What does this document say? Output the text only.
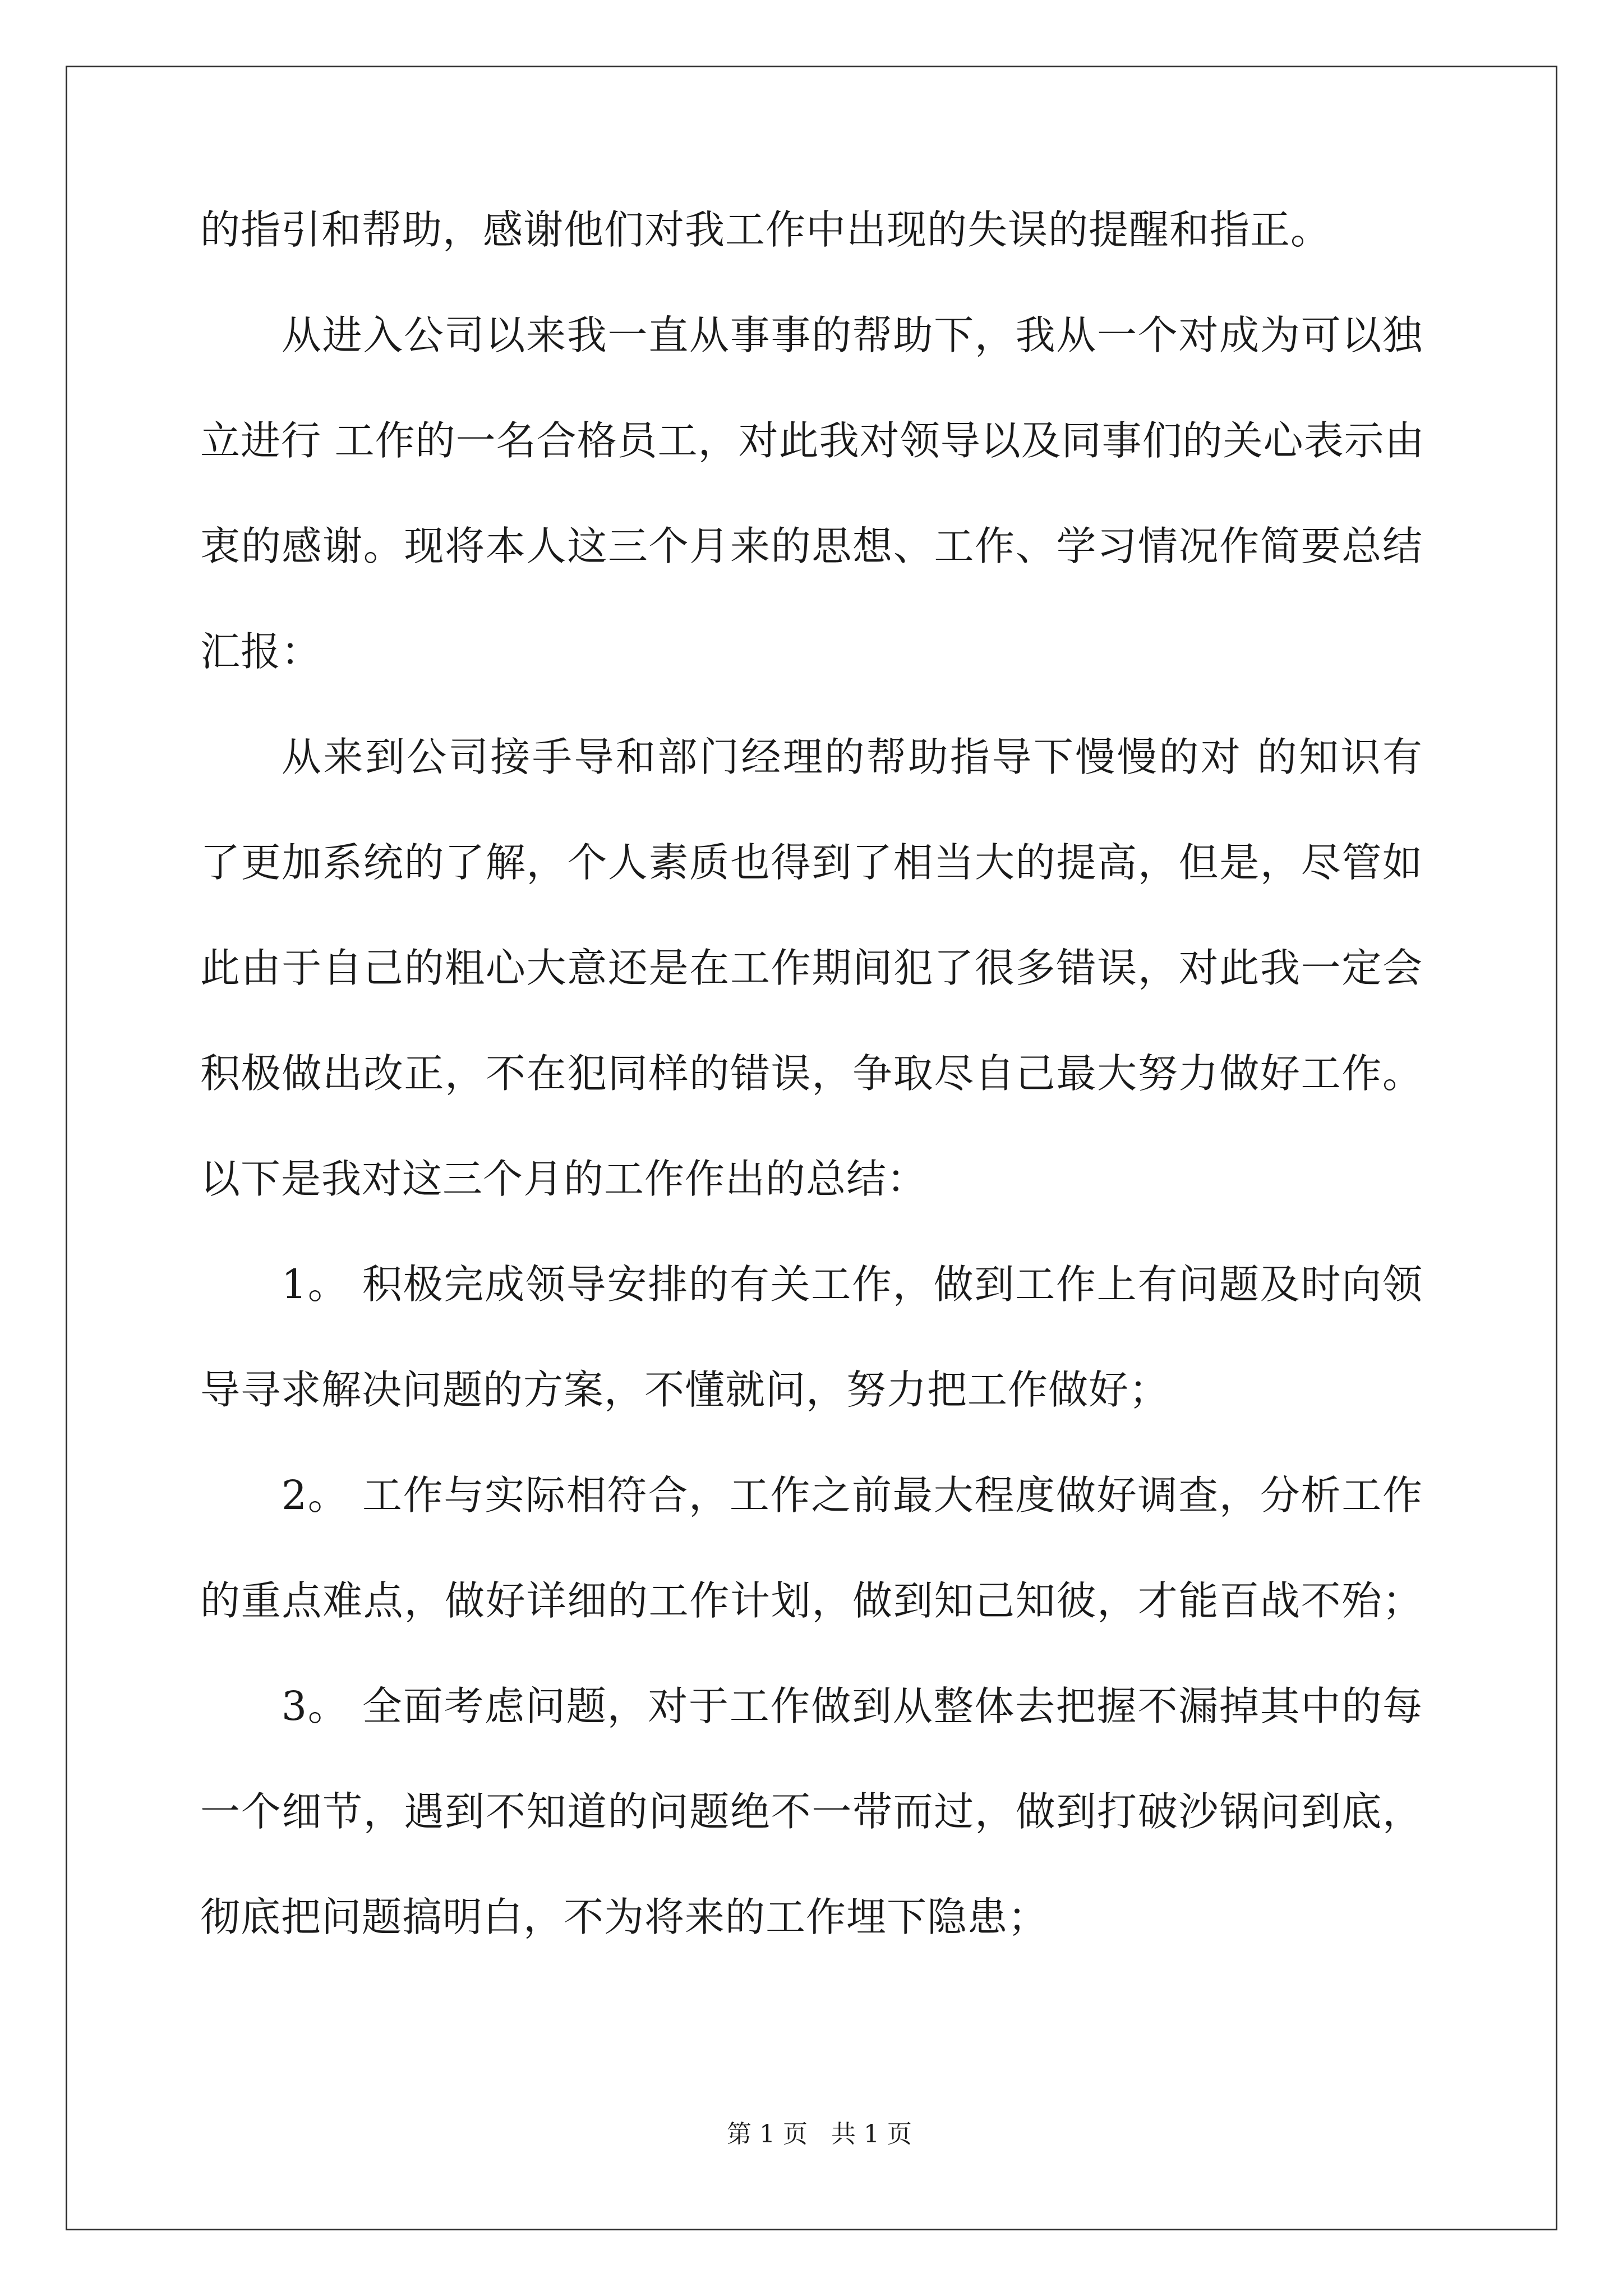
的指引和帮助，感谢他们对我工作中出现的失误的提醒和指正。
从进入公司以来我一直从事事的帮助下，我从一个对成为可以独
立进行 工作的一名合格员工，对此我对领导以及同事们的关心表示由
衷的感谢。现将本人这三个月来的思想、工作、学习情况作简要总结
汇报：
从来到公司接手导和部门经理的帮助指导下慢慢的对 的知识有
了更加系统的了解，个人素质也得到了相当大的提高，但是，尽管如
此由于自己的粗心大意还是在工作期间犯了很多错误，对此我一定会
积极做出改正，不在犯同样的错误，争取尽自己最大努力做好工作。
以下是我对这三个月的工作作出的总结：
1。 积极完成领导安排的有关工作，做到工作上有问题及时向领
导寻求解决问题的方案，不懂就问，努力把工作做好；
2。 工作与实际相符合，工作之前最大程度做好调查，分析工作
的重点难点，做好详细的工作计划，做到知己知彼，才能百战不殆；
3。 全面考虑问题，对于工作做到从整体去把握不漏掉其中的每
一个细节，遇到不知道的问题绝不一带而过，做到打破沙锅问到底，
彻底把问题搞明白，不为将来的工作埋下隐患；

第 1 页   共 1 页
